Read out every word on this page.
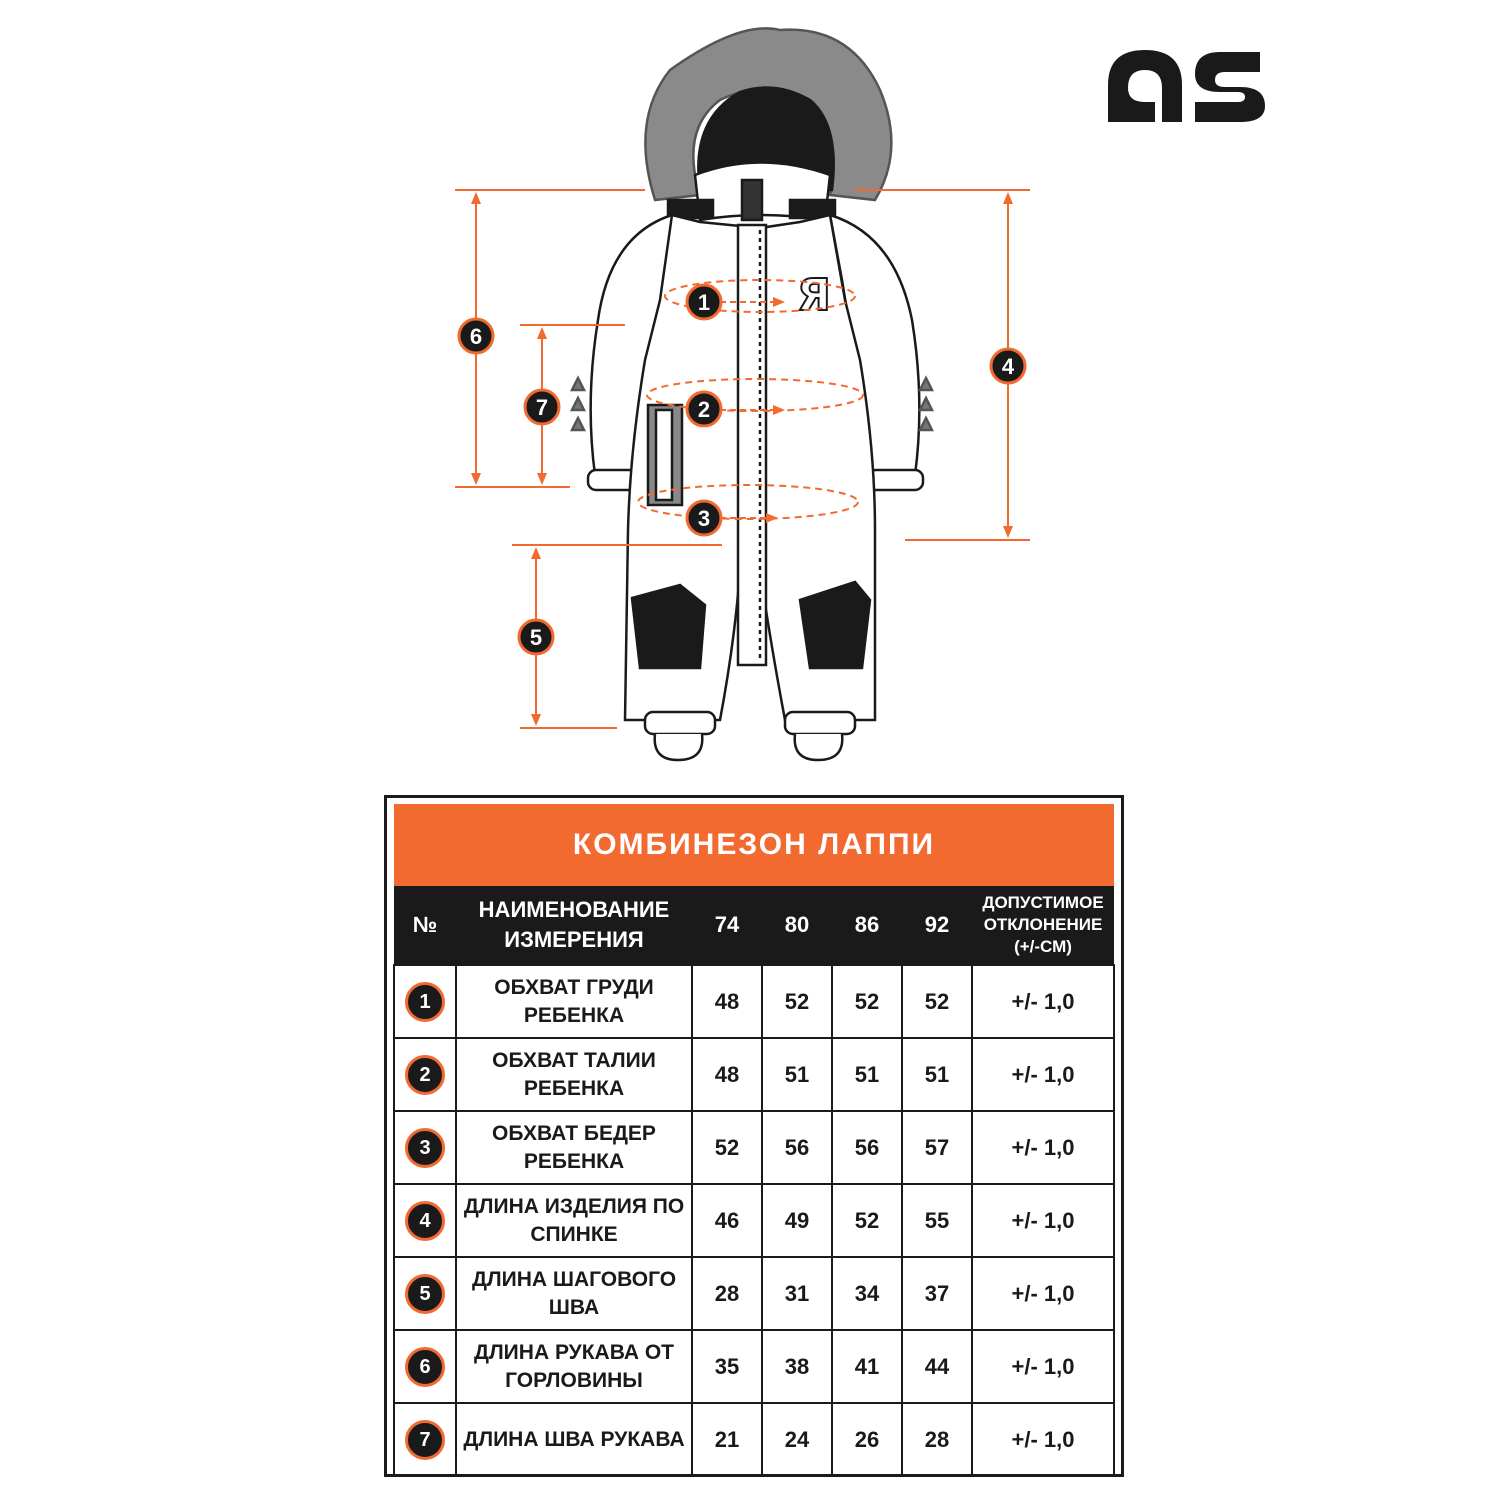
Я
1
2
3
4
5
6
7
КОМБИНЕЗОН ЛАППИ						
№	НАИМЕНОВАНИЕ ИЗМЕРЕНИЯ	74	80	86	92	ДОПУСТИМОЕ ОТКЛОНЕНИЕ (+/-СМ)
1	ОБХВАТ ГРУДИ РЕБЕНКА	48	52	52	52	+/- 1,0
2	ОБХВАТ ТАЛИИ РЕБЕНКА	48	51	51	51	+/- 1,0
3	ОБХВАТ БЕДЕР РЕБЕНКА	52	56	56	57	+/- 1,0
4	ДЛИНА ИЗДЕЛИЯ ПО СПИНКЕ	46	49	52	55	+/- 1,0
5	ДЛИНА ШАГОВОГО ШВА	28	31	34	37	+/- 1,0
6	ДЛИНА РУКАВА ОТ ГОРЛОВИНЫ	35	38	41	44	+/- 1,0
7	ДЛИНА ШВА РУКАВА	21	24	26	28	+/- 1,0
